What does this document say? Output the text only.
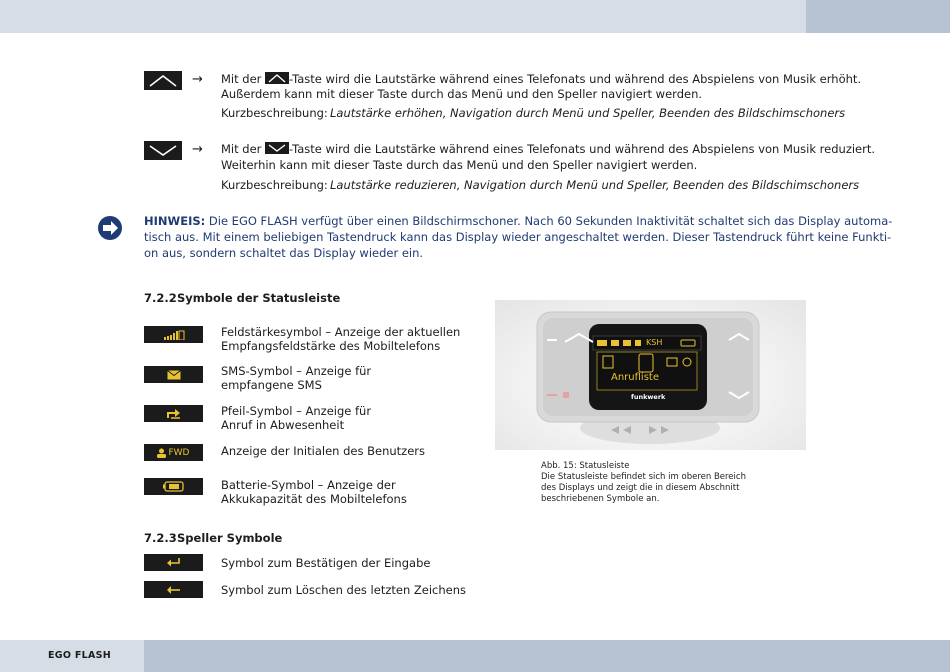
EGO FLASH
→ Mit der -Taste wird die Lautstärke während eines Telefonats und während des Abspielens von Musik erhöht.
Außerdem kann mit dieser Taste durch das Menü und den Speller navigiert werden.
Kurzbeschreibung: Lautstärke erhöhen, Navigation durch Menü und Speller, Beenden des Bildschimschoners
→ Mit der -Taste wird die Lautstärke während eines Telefonats und während des Abspielens von Musik reduziert.
Weiterhin kann mit dieser Taste durch das Menü und den Speller navigiert werden.
Kurzbeschreibung: Lautstärke reduzieren, Navigation durch Menü und Speller, Beenden des Bildschimschoners
HINWEIS: Die EGO FLASH verfügt über einen Bildschirmschoner. Nach 60 Sekunden Inaktivität schaltet sich das Display automa-
tisch aus. Mit einem beliebigen Tastendruck kann das Display wieder angeschaltet werden. Dieser Tastendruck führt keine Funkti-
on aus, sondern schaltet das Display wieder ein.
7.2.2Symbole der Statusleiste
Feldstärkesymbol – Anzeige der aktuellen
Empfangsfeldstärke des Mobiltelefons
SMS-Symbol – Anzeige für
empfangene SMS
Pfeil-Symbol – Anzeige für
Anruf in Abwesenheit
FWD	Anzeige der Initialen des Benutzers
Batterie-Symbol – Anzeige der
Akkukapazität des Mobiltelefons
Anrufliste
KSH
funkwerk
Abb. 15: Statusleiste
Die Statusleiste befindet sich im oberen Bereich
des Displays und zeigt die in diesem Abschnitt
beschriebenen Symbole an.
7.2.3Speller Symbole
Symbol zum Bestätigen der Eingabe
Symbol zum Löschen des letzten Zeichens
